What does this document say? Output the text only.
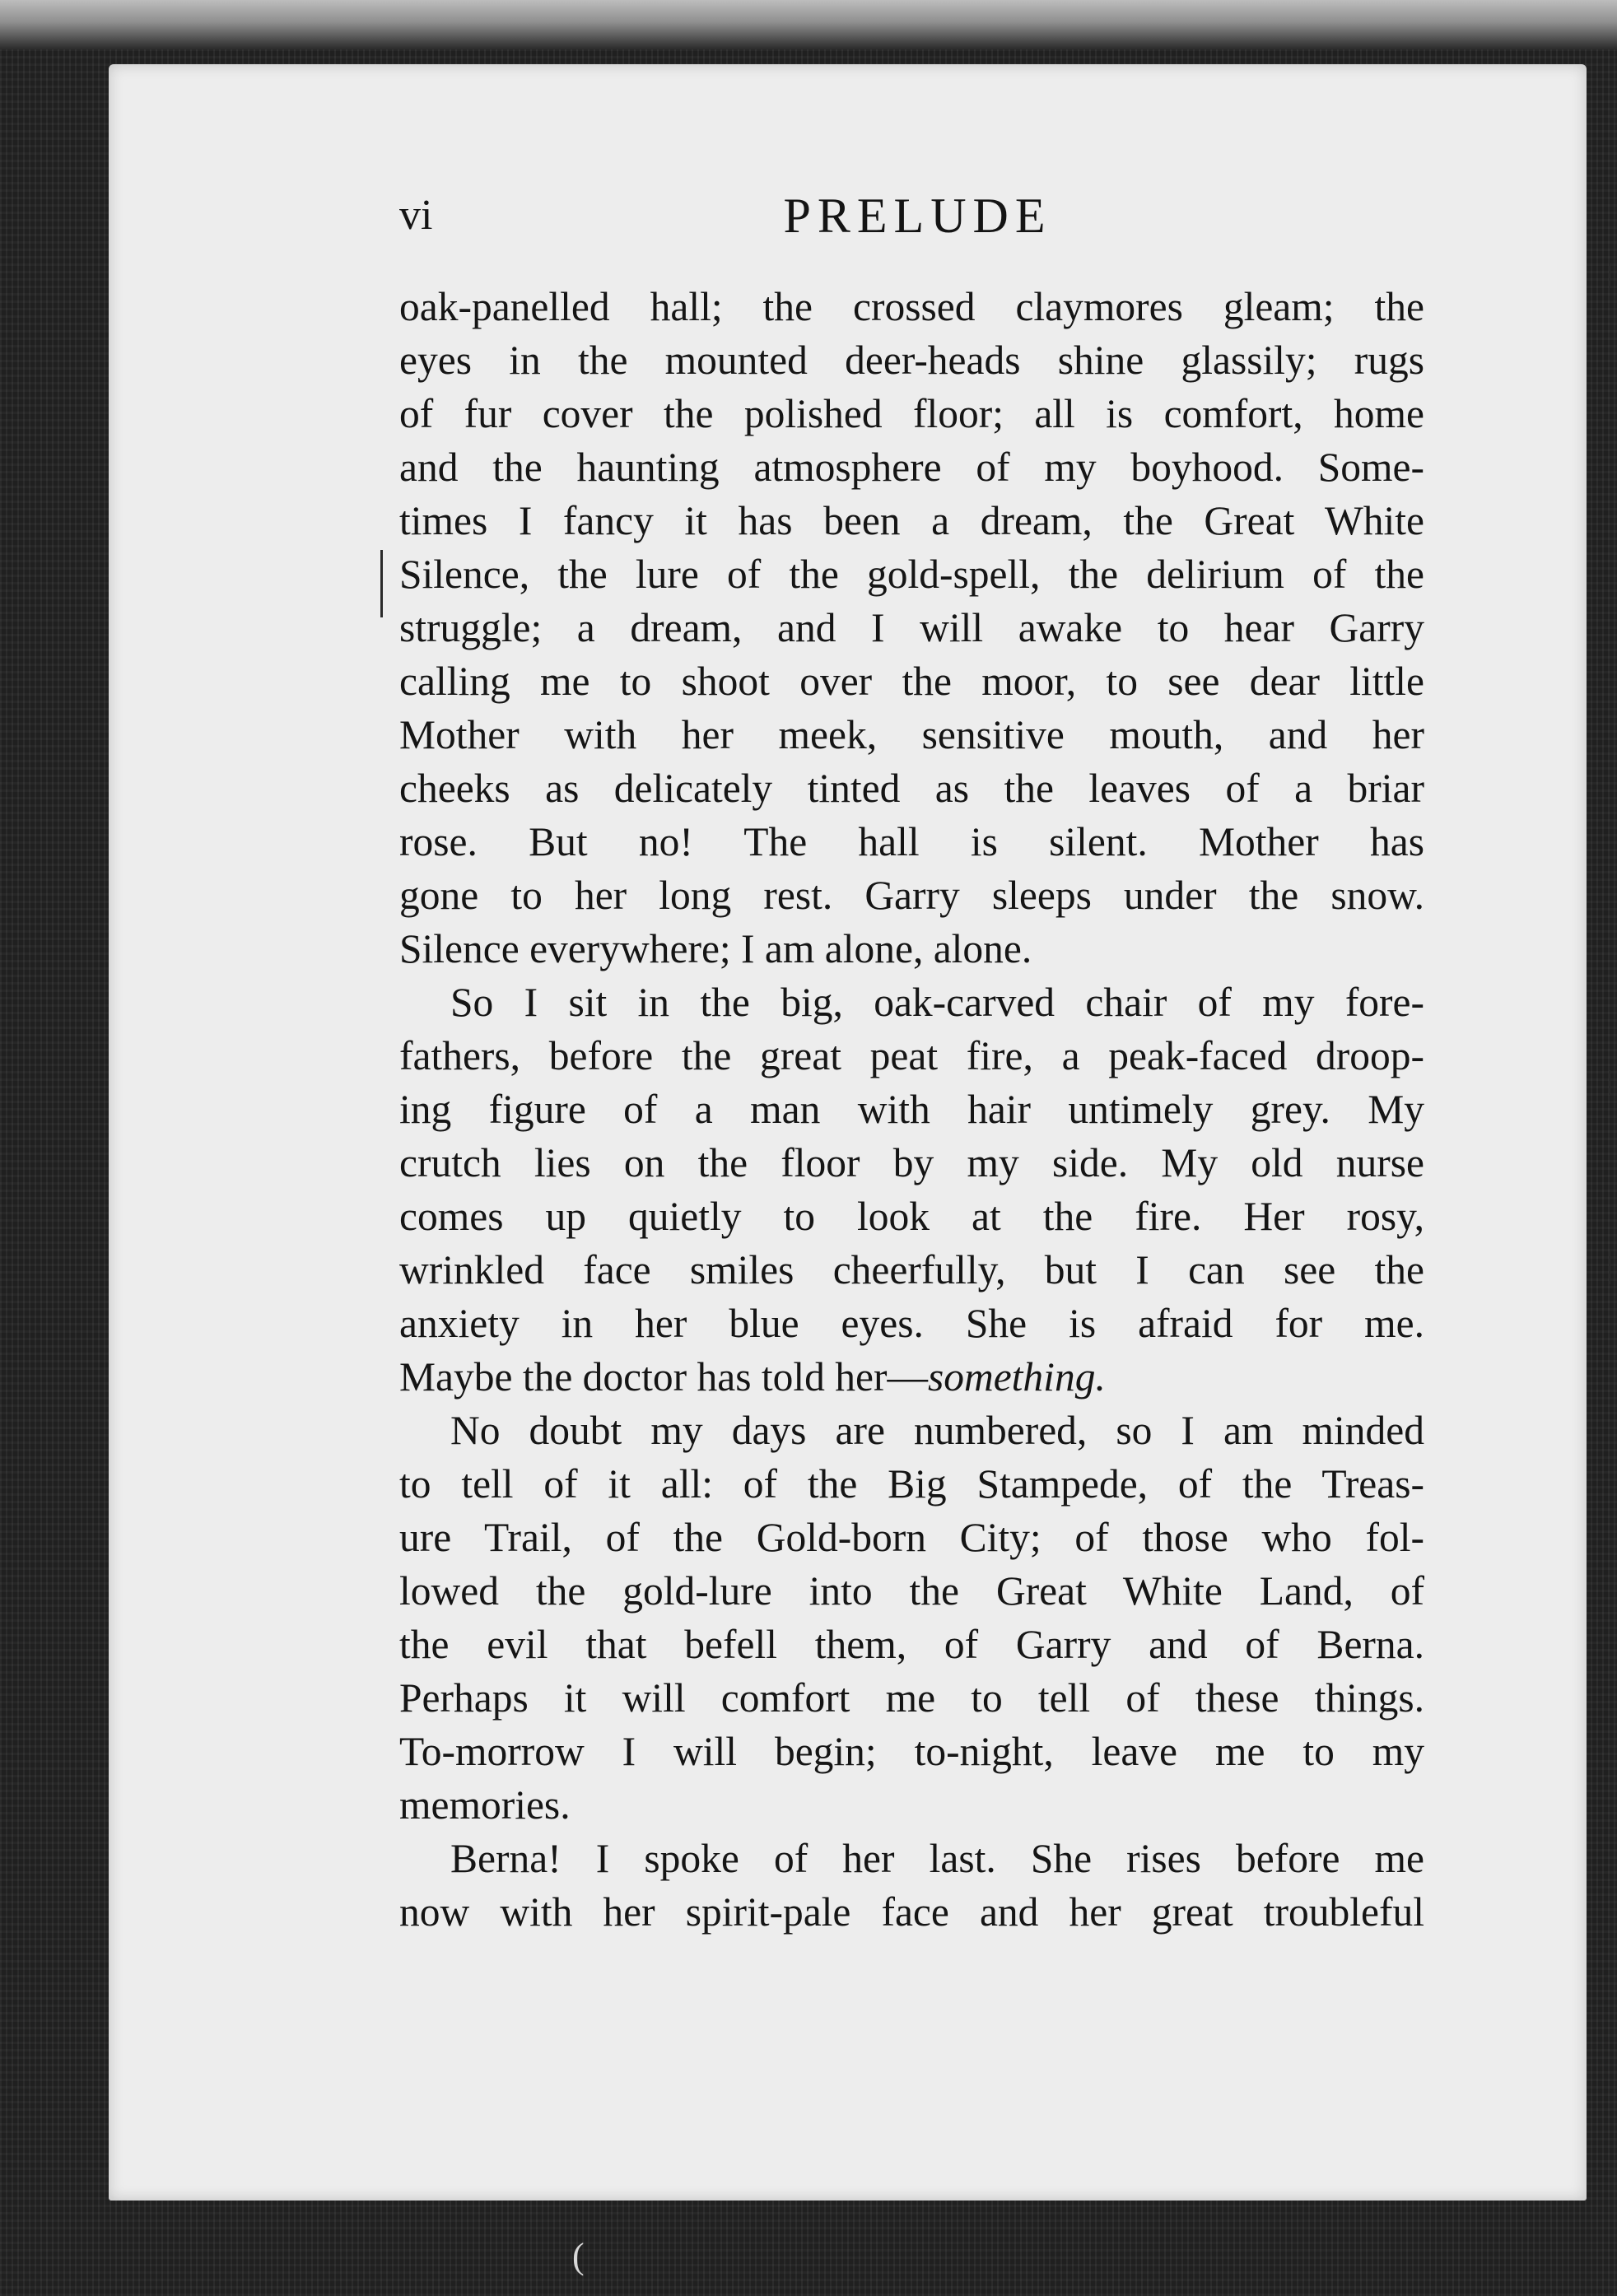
vi	PRELUDE
oak-panelled hall; the crossed claymores gleam; the
eyes in the mounted deer-heads shine glassily; rugs
of fur cover the polished floor; all is comfort, home
and the haunting atmosphere of my boyhood. Some-
times I fancy it has been a dream, the Great White
Silence, the lure of the gold-spell, the delirium of the
struggle; a dream, and I will awake to hear Garry
calling me to shoot over the moor, to see dear little
Mother with her meek, sensitive mouth, and her
cheeks as delicately tinted as the leaves of a briar
rose. But no! The hall is silent. Mother has
gone to her long rest. Garry sleeps under the snow.
Silence everywhere; I am alone, alone.
So I sit in the big, oak-carved chair of my fore-
fathers, before the great peat fire, a peak-faced droop-
ing figure of a man with hair untimely grey. My
crutch lies on the floor by my side. My old nurse
comes up quietly to look at the fire. Her rosy,
wrinkled face smiles cheerfully, but I can see the
anxiety in her blue eyes. She is afraid for me.
Maybe the doctor has told her—something.
No doubt my days are numbered, so I am minded
to tell of it all: of the Big Stampede, of the Treas-
ure Trail, of the Gold-born City; of those who fol-
lowed the gold-lure into the Great White Land, of
the evil that befell them, of Garry and of Berna.
Perhaps it will comfort me to tell of these things.
To-morrow I will begin; to-night, leave me to my
memories.
Berna! I spoke of her last. She rises before me
now with her spirit-pale face and her great troubleful
(
